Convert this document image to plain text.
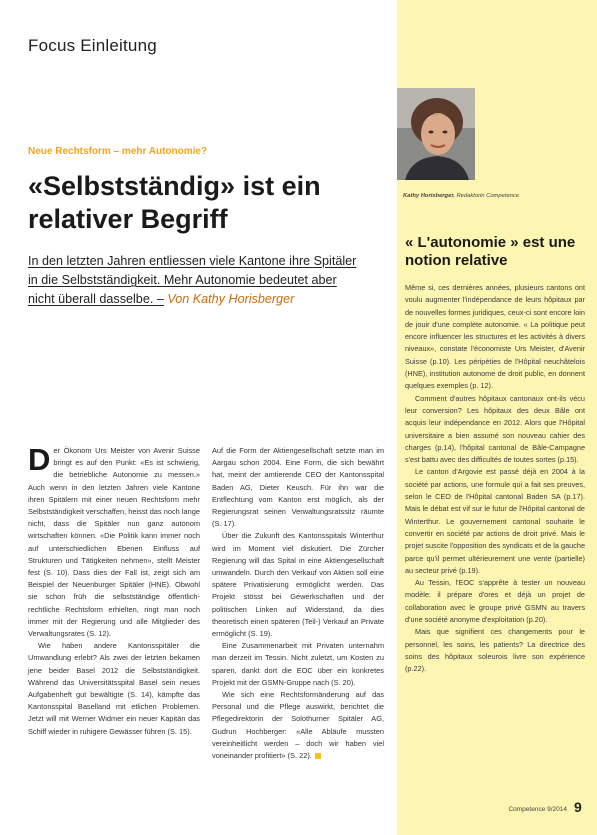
Focus Einleitung
Neue Rechtsform – mehr Autonomie?
«Selbstständig» ist ein relativer Begriff
In den letzten Jahren entliessen viele Kantone ihre Spitäler
in die Selbstständigkeit. Mehr Autonomie bedeutet aber
nicht überall dasselbe. – Von Kathy Horisberger

Der Ökonom Urs Meister von Avenir Suisse bringt es auf den Punkt: «Es ist schwierig, die betriebliche Autonomie zu messen.» Auch wenn in den letzten Jahren viele Kantone ihren Spitälern mit einer neuen Rechtsform mehr Selbstständigkeit verschaffen, heisst das noch lange nicht, dass die Spitäler nun ganz autonom wirtschaften können. «Die Politik kann immer noch auf unterschiedlichen Ebenen Einfluss auf Strukturen und Tätigkeiten nehmen», stellt Meister fest (S. 10). Dass dies der Fall ist, zeigt sich am Beispiel der Neuenburger Spitäler (HNE). Obwohl sie schon früh die selbstständige öffentlich-rechtliche Rechtsform erhielten, ringt man noch immer mit der Regierung und alle Mitglieder des Verwaltungsrates (S. 12).

Wie haben andere Kantonsspitäler die Umwandlung erlebt? Als zwei der letzten bekamen jene beider Basel 2012 die Selbstständigkeit. Während das Universitätsspital Basel sein neues Aufgabenheft gut bewältigte (S. 14), kämpfte das Kantonsspital Baselland mit etlichen Problemen. Jetzt will mit Werner Widmer ein neuer Kapitän das Schiff wieder in ruhigere Gewässer führen (S. 15).

Auf die Form der Aktiengesellschaft setzte man im Aargau schon 2004. Eine Form, die sich bewährt hat, meint der amtierende CEO der Kantonsspital Baden AG, Dieter Keusch. Für ihn war die Entflechtung vom Kanton erst möglich, als der Regierungsrat seinen Verwaltungsratssitz räumte (S. 17).

Über die Zukunft des Kantonsspitals Winterthur wird im Moment viel diskutiert. Die Zürcher Regierung will das Spital in eine Aktiengesellschaft umwandeln. Durch den Verkauf von Aktien soll eine spätere Privatisierung ermöglicht werden. Das Projekt stösst bei Gewerkschaften und der politischen Linken auf Widerstand, da dies theoretisch einen späteren (Teil-) Verkauf an Private ermöglicht (S. 19).

Eine Zusammenarbeit mit Privaten unternahm man derzeit im Tessin. Nicht zuletzt, um Kosten zu sparen, dankt dort die EOC über ein konkretes Projekt mit der GSMN-Gruppe nach (S. 20).

Wie sich eine Rechtsformänderung auf das Personal und die Pflege auswirkt, berichtet die Pflegedirektorin der Solothurner Spitäler AG, Gudrun Hochberger: «Alle Abläufe mussten vereinheitlicht werden – doch wir haben viel voneinander profitiert» (S. 22).

Kathy Horisberger, Redaktorin Competence
« L'autonomie » est une notion relative

Même si, ces dernières années, plusieurs cantons ont voulu augmenter l'indépendance de leurs hôpitaux par de nouvelles formes juridiques, ceux-ci sont encore loin de jouir d'une complète autonomie. « La politique peut encore influencer les structures et les activités à divers niveaux», constate l'économiste Urs Meister, d'Avenir Suisse (p.10). Les péripéties de l'Hôpital neuchâtelois (HNE), institution autonome de droit public, en donnent quelques exemples (p. 12).

Comment d'autres hôpitaux cantonaux ont-ils vécu leur conversion? Les hôpitaux des deux Bâle ont acquis leur indépendance en 2012. Alors que l'Hôpital universitaire a bien assumé son nouveau cahier des charges (p.14), l'hôpital cantonal de Bâle-Campagne s'est battu avec des difficultés de toutes sortes (p.15).

Le canton d'Argovie est passé déjà en 2004 à la société par actions, une formule qui a fait ses preuves, selon le CEO de l'Hôpital cantonal Baden SA (p.17). Mais le débat est vif sur le futur de l'Hôpital cantonal de Winterthur. Le gouvernement cantonal souhaite le convertir en société par actions de droit privé. Mais le projet suscite l'opposition des syndicats et de la gauche parce qu'il permet ultérieurement une vente (partielle) au secteur privé (p.19).

Au Tessin, l'EOC s'apprête à tester un nouveau modèle: il prépare d'ores et déjà un projet de collaboration avec le groupe privé GSMN au travers d'une société anonyme d'exploitation (p.20).

Mais que signifient ces changements pour le personnel, les soins, les patients? La directrice des soins des hôpitaux soleurois livre son expérience (p.22).

Competence 9/2014 9
